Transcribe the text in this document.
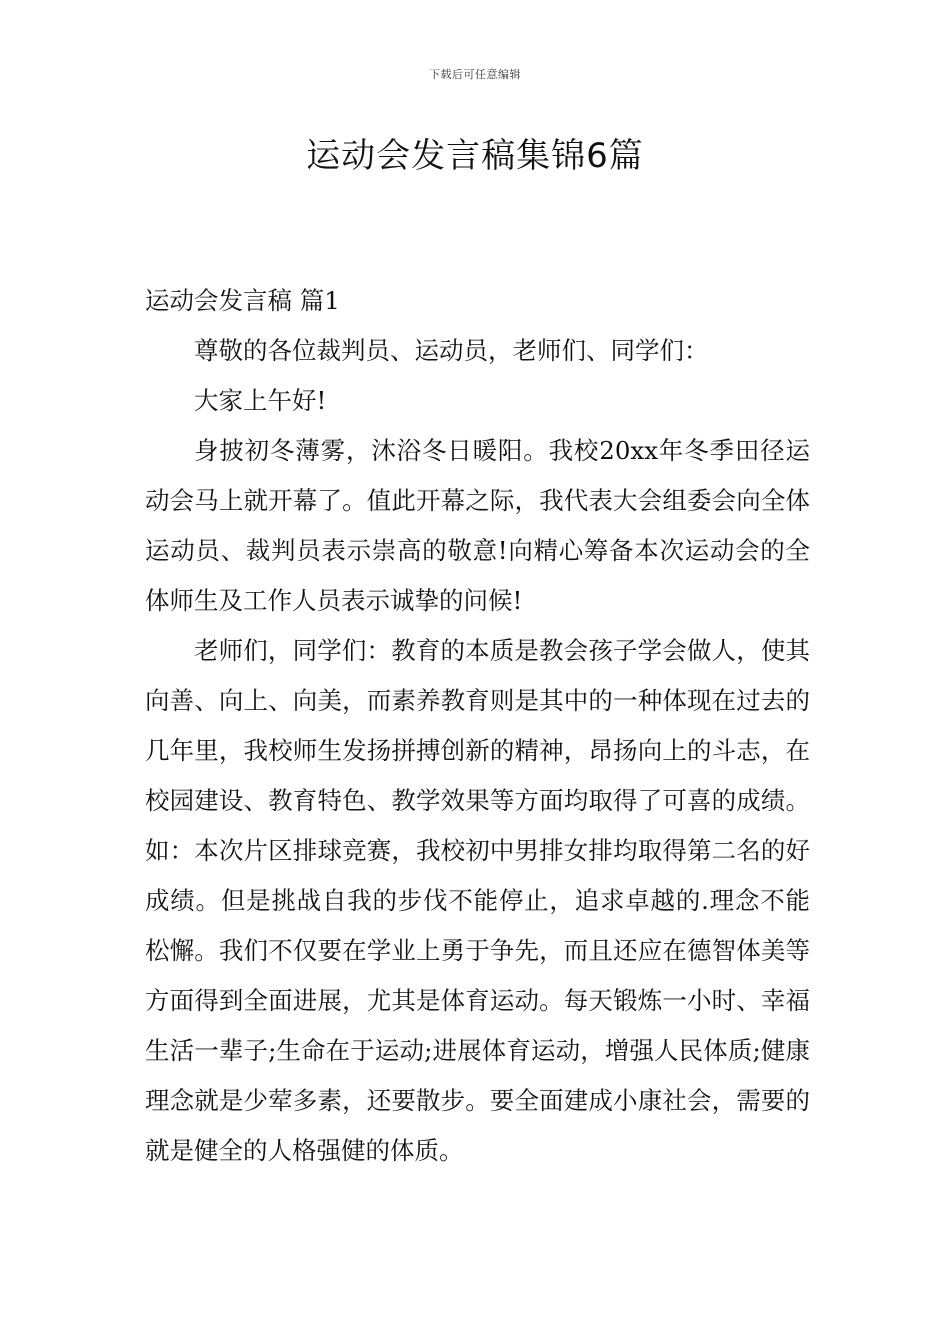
下载后可任意编辑
运动会发言稿集锦6篇
运动会发言稿 篇1

尊敬的各位裁判员、运动员，老师们、同学们：

大家上午好!

身披初冬薄雾，沐浴冬日暖阳。我校20xx年冬季田径运动会马上就开幕了。值此开幕之际，我代表大会组委会向全体运动员、裁判员表示崇高的敬意!向精心筹备本次运动会的全体师生及工作人员表示诚挚的问候!

老师们，同学们：教育的本质是教会孩子学会做人，使其向善、向上、向美，而素养教育则是其中的一种体现在过去的几年里，我校师生发扬拼搏创新的精神，昂扬向上的斗志，在校园建设、教育特色、教学效果等方面均取得了可喜的成绩。如：本次片区排球竞赛，我校初中男排女排均取得第二名的好成绩。但是挑战自我的步伐不能停止，追求卓越的.理念不能松懈。我们不仅要在学业上勇于争先，而且还应在德智体美等方面得到全面进展，尤其是体育运动。每天锻炼一小时、幸福生活一辈子;生命在于运动;进展体育运动，增强人民体质;健康理念就是少荤多素，还要散步。要全面建成小康社会，需要的就是健全的人格强健的体质。
